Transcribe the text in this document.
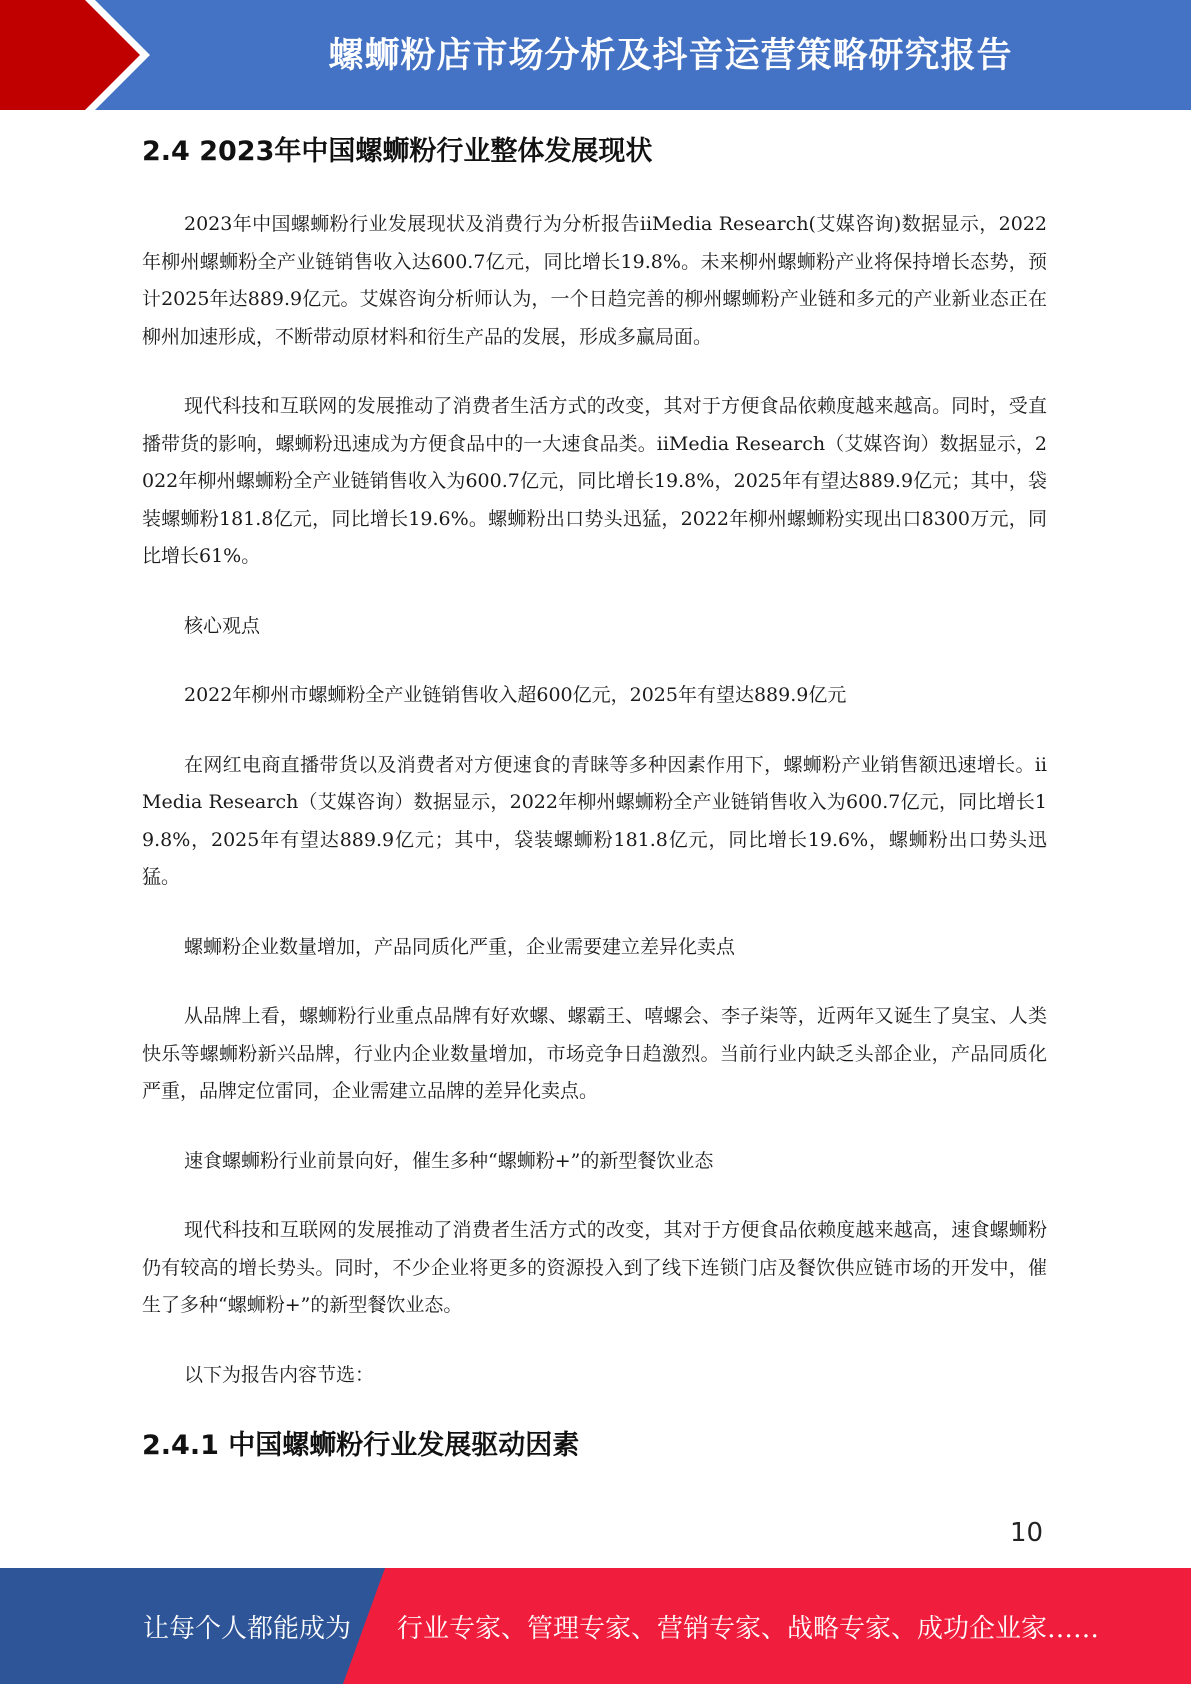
螺蛳粉店市场分析及抖音运营策略研究报告
2.4 2023年中国螺蛳粉行业整体发展现状

2023年中国螺蛳粉行业发展现状及消费行为分析报告iiMedia Research(艾媒咨询)数据显示，2022年柳州螺蛳粉全产业链销售收入达600.7亿元，同比增长19.8%。未来柳州螺蛳粉产业将保持增长态势，预计2025年达889.9亿元。艾媒咨询分析师认为，一个日趋完善的柳州螺蛳粉产业链和多元的产业新业态正在柳州加速形成，不断带动原材料和衍生产品的发展，形成多赢局面。

现代科技和互联网的发展推动了消费者生活方式的改变，其对于方便食品依赖度越来越高。同时，受直播带货的影响，螺蛳粉迅速成为方便食品中的一大速食品类。iiMedia Research（艾媒咨询）数据显示，2022年柳州螺蛳粉全产业链销售收入为600.7亿元，同比增长19.8%，2025年有望达889.9亿元；其中，袋装螺蛳粉181.8亿元，同比增长19.6%。螺蛳粉出口势头迅猛，2022年柳州螺蛳粉实现出口8300万元，同比增长61%。

核心观点

2022年柳州市螺蛳粉全产业链销售收入超600亿元，2025年有望达889.9亿元

在网红电商直播带货以及消费者对方便速食的青睐等多种因素作用下，螺蛳粉产业销售额迅速增长。iiMedia Research（艾媒咨询）数据显示，2022年柳州螺蛳粉全产业链销售收入为600.7亿元，同比增长19.8%，2025年有望达889.9亿元；其中，袋装螺蛳粉181.8亿元，同比增长19.6%，螺蛳粉出口势头迅猛。

螺蛳粉企业数量增加，产品同质化严重，企业需要建立差异化卖点

从品牌上看，螺蛳粉行业重点品牌有好欢螺、螺霸王、嘻螺会、李子柒等，近两年又诞生了臭宝、人类快乐等螺蛳粉新兴品牌，行业内企业数量增加，市场竞争日趋激烈。当前行业内缺乏头部企业，产品同质化严重，品牌定位雷同，企业需建立品牌的差异化卖点。

速食螺蛳粉行业前景向好，催生多种“螺蛳粉+”的新型餐饮业态

现代科技和互联网的发展推动了消费者生活方式的改变，其对于方便食品依赖度越来越高，速食螺蛳粉仍有较高的增长势头。同时，不少企业将更多的资源投入到了线下连锁门店及餐饮供应链市场的开发中，催生了多种“螺蛳粉+”的新型餐饮业态。

以下为报告内容节选：

2.4.1 中国螺蛳粉行业发展驱动因素
10
让每个人都能成为 行业专家、管理专家、营销专家、战略专家、成功企业家……
